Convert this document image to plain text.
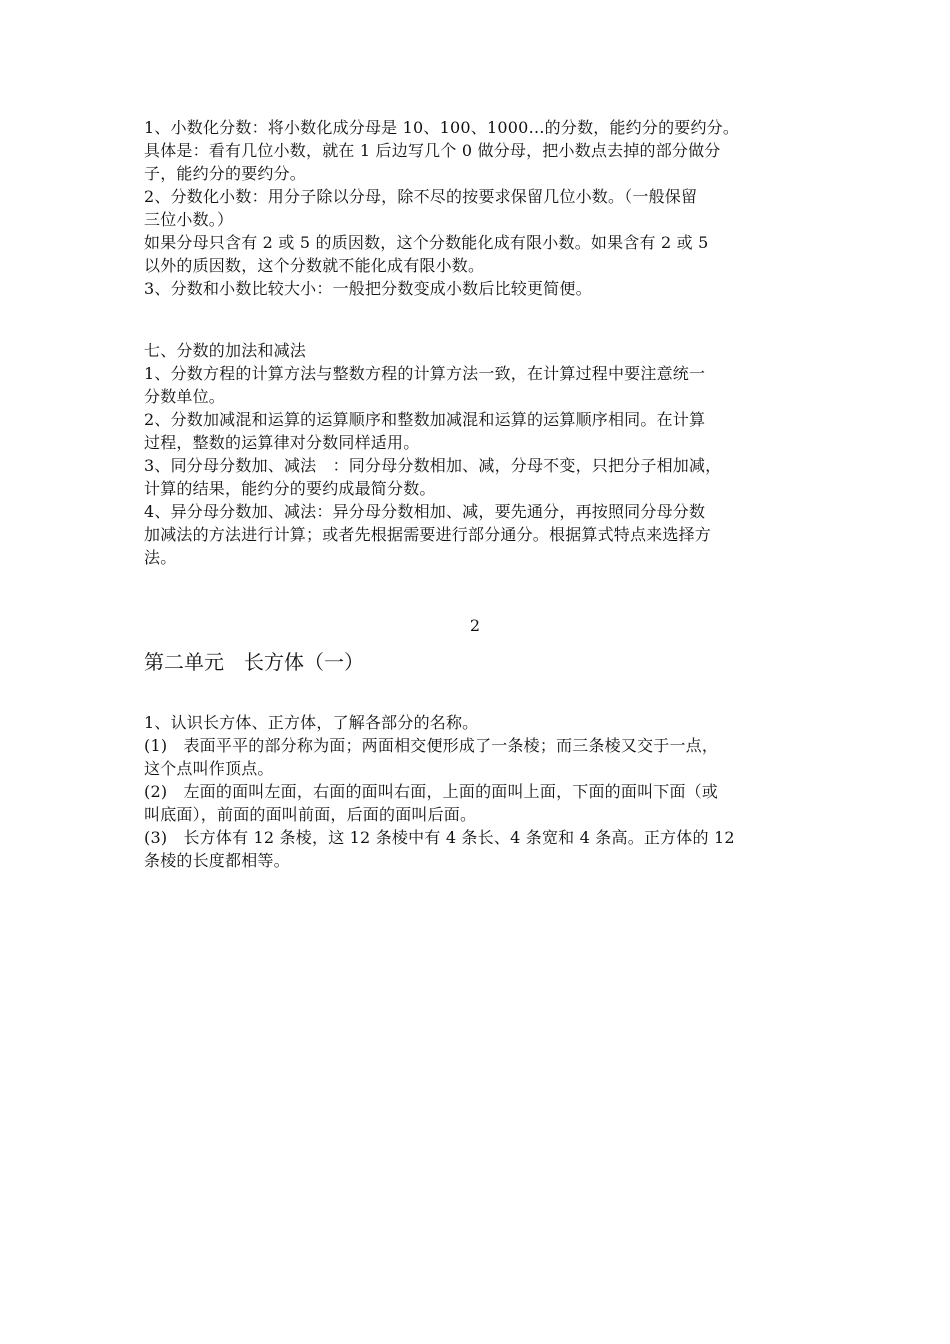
1、小数化分数：将小数化成分母是 10、100、1000…的分数，能约分的要约分。

具体是：看有几位小数，就在 1 后边写几个 0 做分母，把小数点去掉的部分做分

子，能约分的要约分。

2、分数化小数：用分子除以分母，除不尽的按要求保留几位小数。（一般保留

三位小数。）

如果分母只含有 2 或 5 的质因数，这个分数能化成有限小数。如果含有 2 或 5

以外的质因数，这个分数就不能化成有限小数。

3、分数和小数比较大小：一般把分数变成小数后比较更简便。

七、分数的加法和减法

1、分数方程的计算方法与整数方程的计算方法一致，在计算过程中要注意统一

分数单位。

2、分数加减混和运算的运算顺序和整数加减混和运算的运算顺序相同。在计算

过程，整数的运算律对分数同样适用。

3、同分母分数加、减法　：同分母分数相加、减，分母不变，只把分子相加减，

计算的结果，能约分的要约成最简分数。

4、异分母分数加、减法：异分母分数相加、减，要先通分，再按照同分母分数

加减法的方法进行计算；或者先根据需要进行部分通分。根据算式特点来选择方

法。

2
第二单元　长方体（一）

1、认识长方体、正方体，了解各部分的名称。

(1)　表面平平的部分称为面；两面相交便形成了一条棱；而三条棱又交于一点，

这个点叫作顶点。

(2)　左面的面叫左面，右面的面叫右面，上面的面叫上面，下面的面叫下面（或

叫底面），前面的面叫前面，后面的面叫后面。

(3)　长方体有 12 条棱，这 12 条棱中有 4 条长、4 条宽和 4 条高。正方体的 12

条棱的长度都相等。
